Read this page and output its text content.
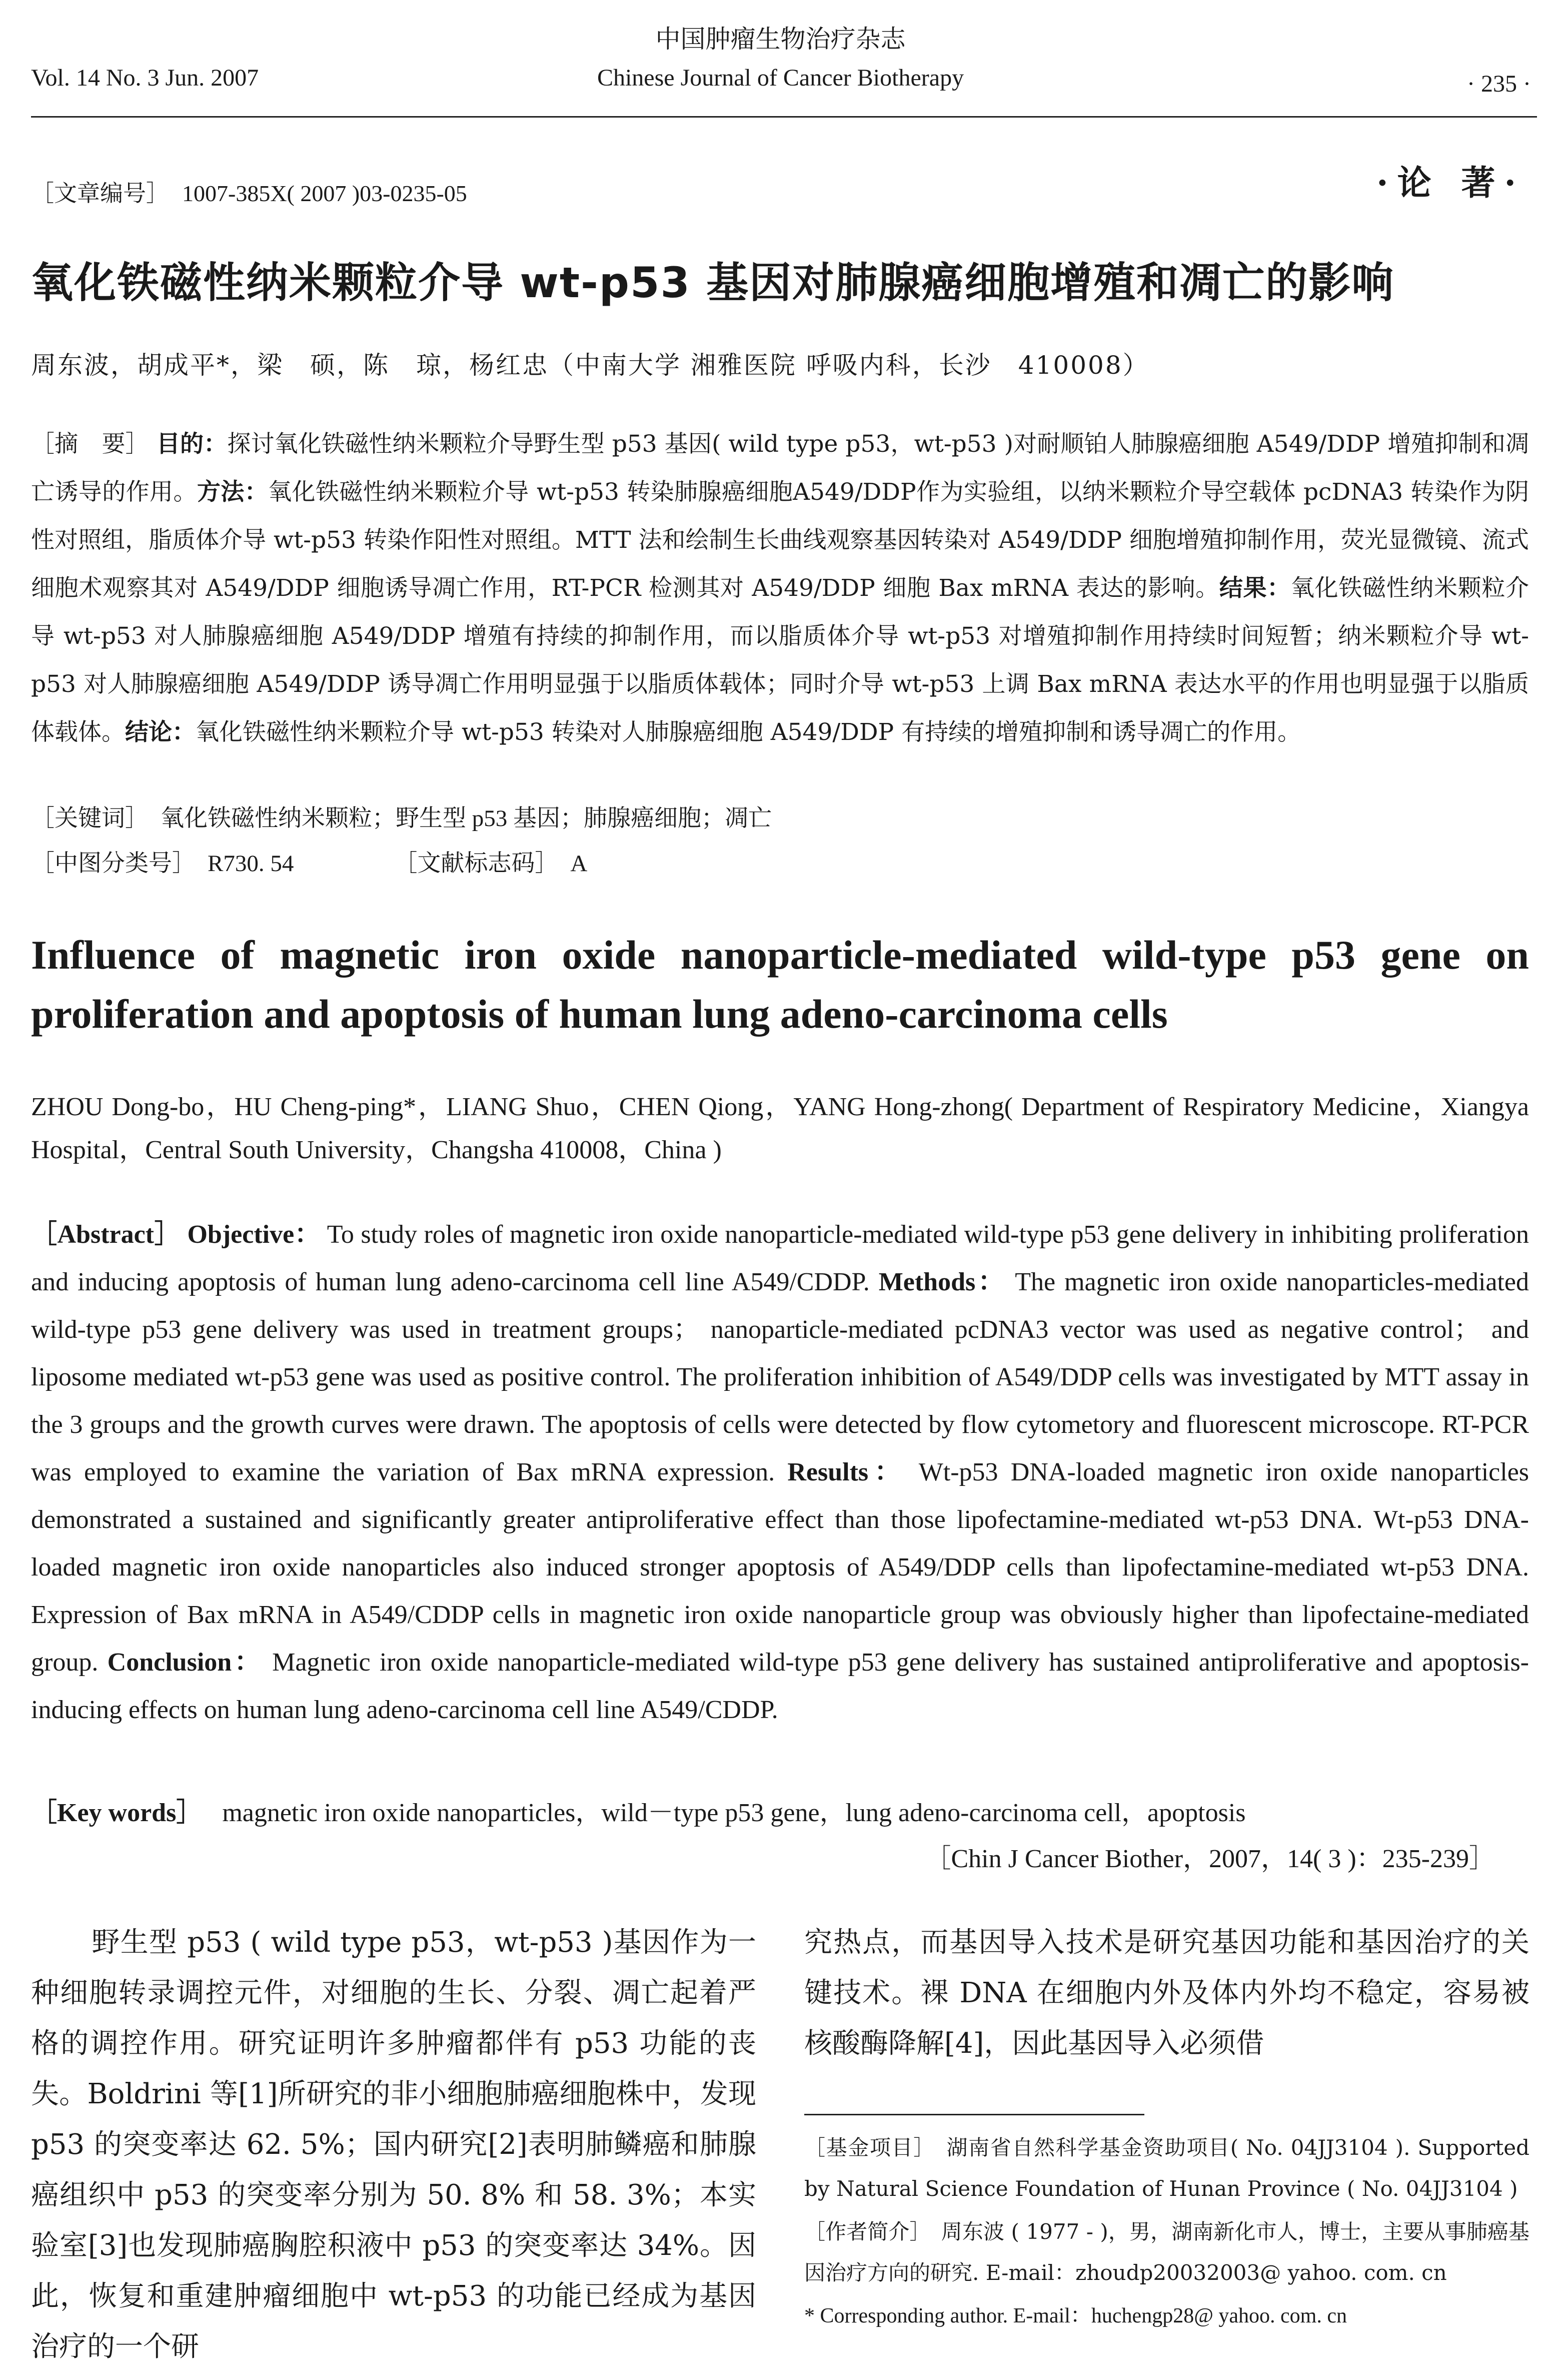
中国肿瘤生物治疗杂志
Vol. 14 No. 3 Jun. 2007	Chinese Journal of Cancer Biotherapy	· 235 ·
［文章编号］ 1007-385X( 2007 )03-0235-05	·论 著·
氧化铁磁性纳米颗粒介导 wt-p53 基因对肺腺癌细胞增殖和凋亡的影响
周东波，胡成平*，梁　硕，陈　琼，杨红忠（中南大学 湘雅医院 呼吸内科，长沙　410008）
［摘　要］ 目的：探讨氧化铁磁性纳米颗粒介导野生型 p53 基因( wild type p53，wt-p53 )对耐顺铂人肺腺癌细胞 A549/DDP 增殖抑制和凋亡诱导的作用。方法：氧化铁磁性纳米颗粒介导 wt-p53 转染肺腺癌细胞A549/DDP作为实验组，以纳米颗粒介导空载体 pcDNA3 转染作为阴性对照组，脂质体介导 wt-p53 转染作阳性对照组。MTT 法和绘制生长曲线观察基因转染对 A549/DDP 细胞增殖抑制作用，荧光显微镜、流式细胞术观察其对 A549/DDP 细胞诱导凋亡作用，RT-PCR 检测其对 A549/DDP 细胞 Bax mRNA 表达的影响。结果：氧化铁磁性纳米颗粒介导 wt-p53 对人肺腺癌细胞 A549/DDP 增殖有持续的抑制作用，而以脂质体介导 wt-p53 对增殖抑制作用持续时间短暂；纳米颗粒介导 wt-p53 对人肺腺癌细胞 A549/DDP 诱导凋亡作用明显强于以脂质体载体；同时介导 wt-p53 上调 Bax mRNA 表达水平的作用也明显强于以脂质体载体。结论：氧化铁磁性纳米颗粒介导 wt-p53 转染对人肺腺癌细胞 A549/DDP 有持续的增殖抑制和诱导凋亡的作用。
［关键词］ 氧化铁磁性纳米颗粒；野生型 p53 基因；肺腺癌细胞；凋亡
［中图分类号］ R730. 54	［文献标志码］ A
Influence of magnetic iron oxide nanoparticle-mediated wild-type p53 gene on proliferation and apoptosis of human lung adeno-carcinoma cells
ZHOU Dong-bo，HU Cheng-ping*，LIANG Shuo，CHEN Qiong，YANG Hong-zhong( Department of Respiratory Medicine，Xiangya Hospital，Central South University，Changsha 410008，China )
［Abstract］ Objective： To study roles of magnetic iron oxide nanoparticle-mediated wild-type p53 gene delivery in inhibiting proliferation and inducing apoptosis of human lung adeno-carcinoma cell line A549/CDDP. Methods： The magnetic iron oxide nanoparticles-mediated wild-type p53 gene delivery was used in treatment groups； nanoparticle-mediated pcDNA3 vector was used as negative control； and liposome mediated wt-p53 gene was used as positive control. The proliferation inhibition of A549/DDP cells was investigated by MTT assay in the 3 groups and the growth curves were drawn. The apoptosis of cells were detected by flow cytometory and fluorescent microscope. RT-PCR was employed to examine the variation of Bax mRNA expression. Results： Wt-p53 DNA-loaded magnetic iron oxide nanoparticles demonstrated a sustained and significantly greater antiproliferative effect than those lipofectamine-mediated wt-p53 DNA. Wt-p53 DNA-loaded magnetic iron oxide nanoparticles also induced stronger apoptosis of A549/DDP cells than lipofectamine-mediated wt-p53 DNA. Expression of Bax mRNA in A549/CDDP cells in magnetic iron oxide nanoparticle group was obviously higher than lipofectaine-mediated group. Conclusion： Magnetic iron oxide nanoparticle-mediated wild-type p53 gene delivery has sustained antiproliferative and apoptosis-inducing effects on human lung adeno-carcinoma cell line A549/CDDP.
［Key words］ magnetic iron oxide nanoparticles，wild－type p53 gene，lung adeno-carcinoma cell，apoptosis
［Chin J Cancer Biother，2007，14( 3 )：235-239］
野生型 p53 ( wild type p53，wt-p53 )基因作为一种细胞转录调控元件，对细胞的生长、分裂、凋亡起着严格的调控作用。研究证明许多肿瘤都伴有 p53 功能的丧失。Boldrini 等[1]所研究的非小细胞肺癌细胞株中，发现 p53 的突变率达 62. 5%；国内研究[2]表明肺鳞癌和肺腺癌组织中 p53 的突变率分别为 50. 8% 和 58. 3%；本实验室[3]也发现肺癌胸腔积液中 p53 的突变率达 34%。因此，恢复和重建肿瘤细胞中 wt-p53 的功能已经成为基因治疗的一个研
究热点，而基因导入技术是研究基因功能和基因治疗的关键技术。裸 DNA 在细胞内外及体内外均不稳定，容易被核酸酶降解[4]，因此基因导入必须借
［基金项目］　 湖南省自然科学基金资助项目( No. 04JJ3104 ). Supported by Natural Science Foundation of Hunan Province ( No. 04JJ3104 )
［作者简介］　 周东波 ( 1977 - )，男，湖南新化市人，博士，主要从事肺癌基因治疗方向的研究. E-mail：zhoudp20032003@ yahoo. com. cn
* Corresponding author. E-mail：huchengp28@ yahoo. com. cn
